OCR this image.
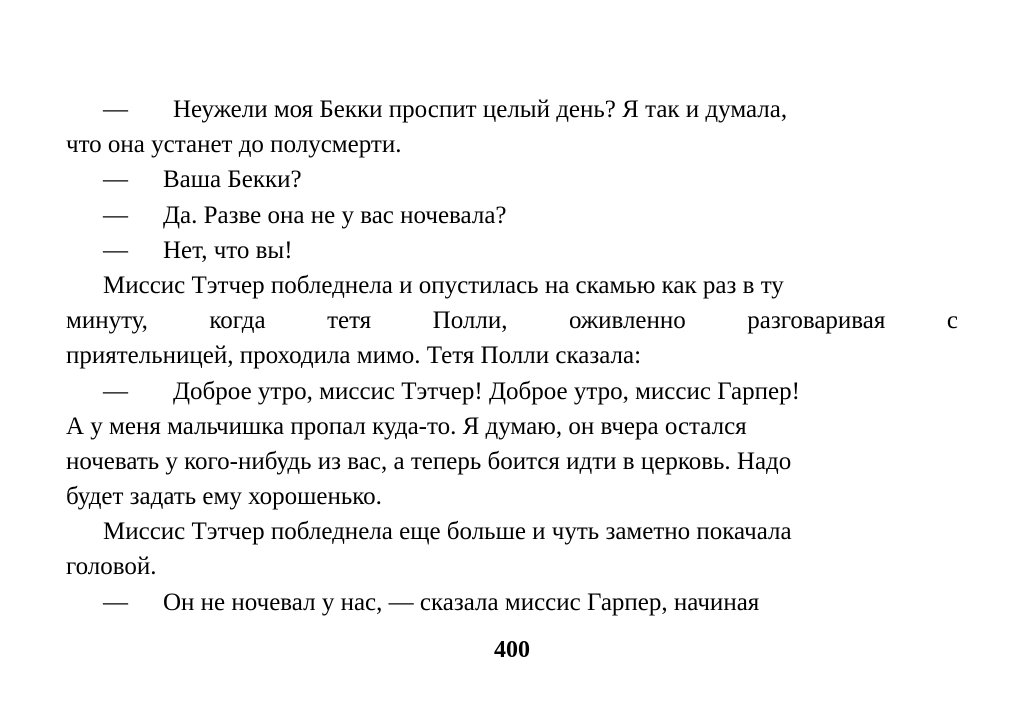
— Неужели моя Бекки проспит целый день? Я так и думала,
что она устанет до полусмерти.
— Ваша Бекки?
— Да. Разве она не у вас ночевала?
— Нет, что вы!
Миссис Тэтчер побледнела и опустилась на скамью как раз в ту
минуту, когда тетя Полли, оживленно разговаривая с
приятельницей, проходила мимо. Тетя Полли сказала:
— Доброе утро, миссис Тэтчер! Доброе утро, миссис Гарпер!
А у меня мальчишка пропал куда-то. Я думаю, он вчера остался
ночевать у кого-нибудь из вас, а теперь боится идти в церковь. Надо
будет задать ему хорошенько.
Миссис Тэтчер побледнела еще больше и чуть заметно покачала
головой.
— Он не ночевал у нас, — сказала миссис Гарпер, начиная
400
